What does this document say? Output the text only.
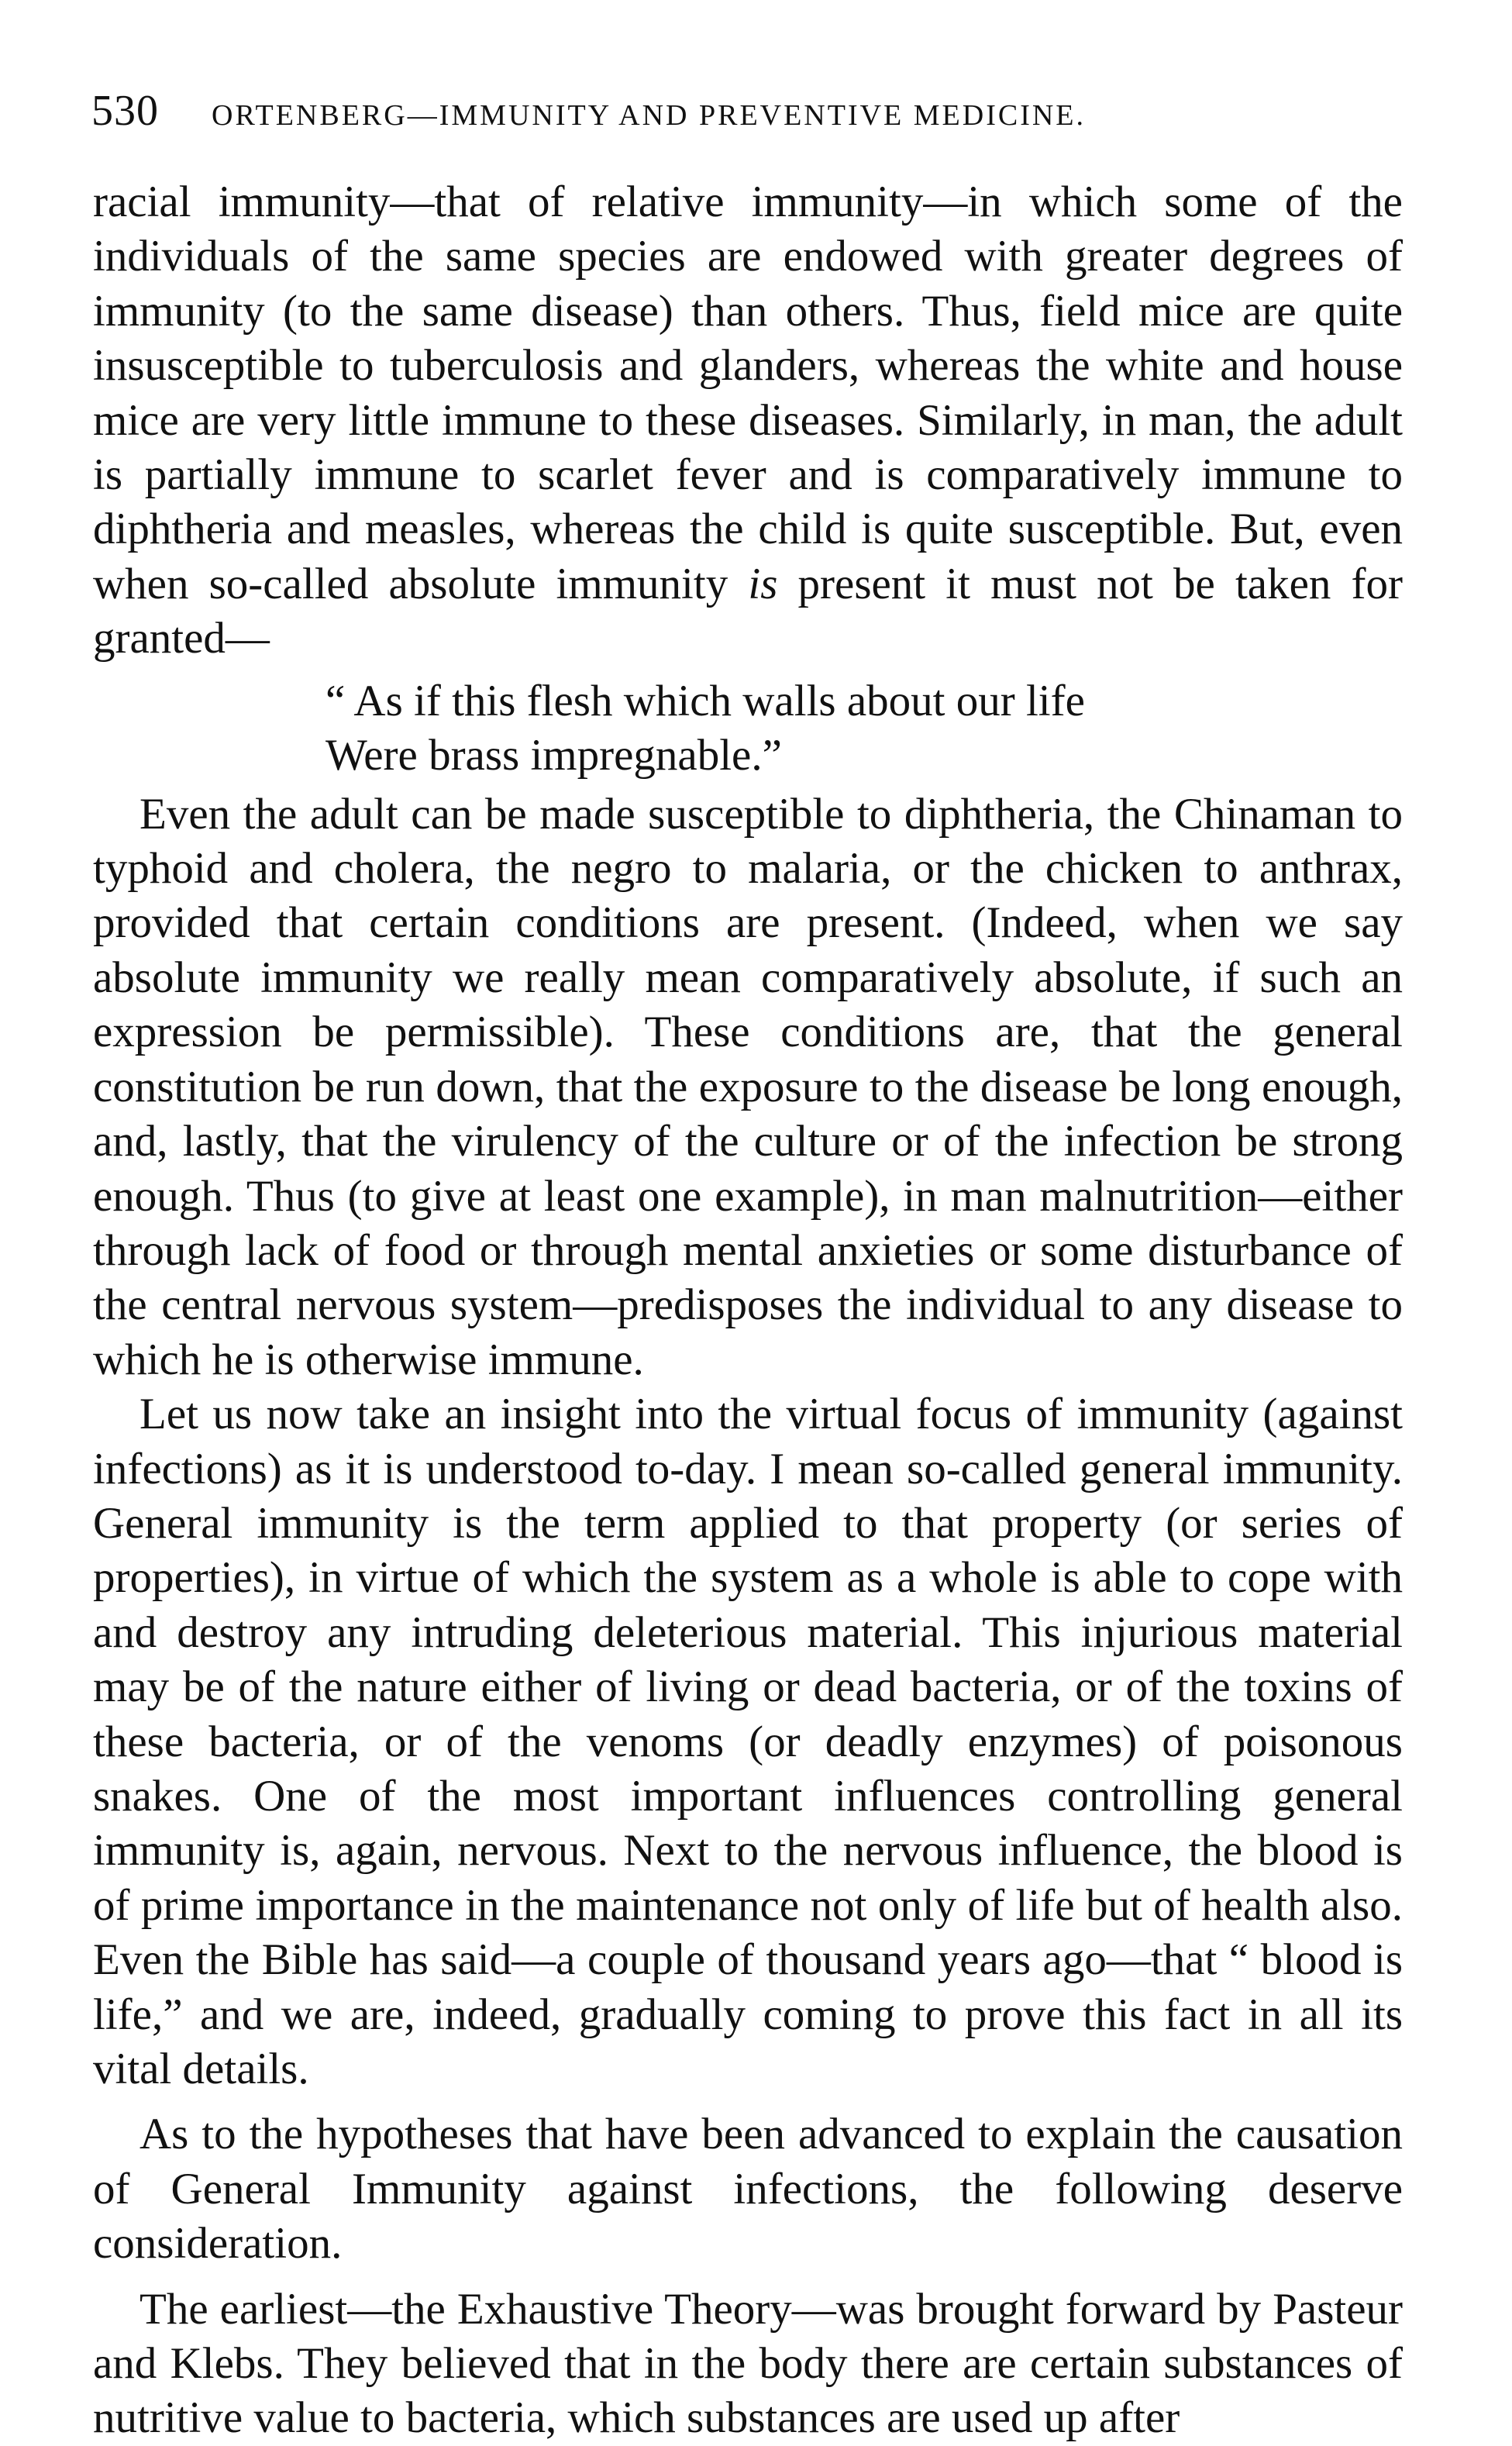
530 ORTENBERG—IMMUNITY AND PREVENTIVE MEDICINE.

racial immunity—that of relative immunity—in which some of the individuals of the same species are endowed with greater degrees of immunity (to the same disease) than others. Thus, field mice are quite insusceptible to tuberculosis and glanders, whereas the white and house mice are very little immune to these diseases. Similarly, in man, the adult is partially immune to scarlet fever and is comparatively immune to diphtheria and measles, whereas the child is quite susceptible. But, even when so-called absolute immunity is present it must not be taken for granted—

“ As if this flesh which walls about our life
Were brass impregnable.”

Even the adult can be made susceptible to diphtheria, the Chinaman to typhoid and cholera, the negro to malaria, or the chicken to anthrax, provided that certain conditions are present. (Indeed, when we say absolute immunity we really mean comparatively absolute, if such an expression be permissible). These conditions are, that the general constitution be run down, that the exposure to the disease be long enough, and, lastly, that the virulency of the culture or of the infection be strong enough. Thus (to give at least one example), in man malnutrition—either through lack of food or through mental anxieties or some disturbance of the central nervous system—predisposes the individual to any disease to which he is otherwise immune.

Let us now take an insight into the virtual focus of immunity (against infections) as it is understood to-day. I mean so-called general immunity. General immunity is the term applied to that property (or series of properties), in virtue of which the system as a whole is able to cope with and destroy any intruding deleterious material. This injurious material may be of the nature either of living or dead bacteria, or of the toxins of these bacteria, or of the venoms (or deadly enzymes) of poisonous snakes. One of the most important influences controlling general immunity is, again, nervous. Next to the nervous influence, the blood is of prime importance in the maintenance not only of life but of health also. Even the Bible has said—a couple of thousand years ago—that “ blood is life,” and we are, indeed, gradually coming to prove this fact in all its vital details.

As to the hypotheses that have been advanced to explain the causation of General Immunity against infections, the following deserve consideration.

The earliest—the Exhaustive Theory—was brought forward by Pasteur and Klebs. They believed that in the body there are certain substances of nutritive value to bacteria, which substances are used up after
